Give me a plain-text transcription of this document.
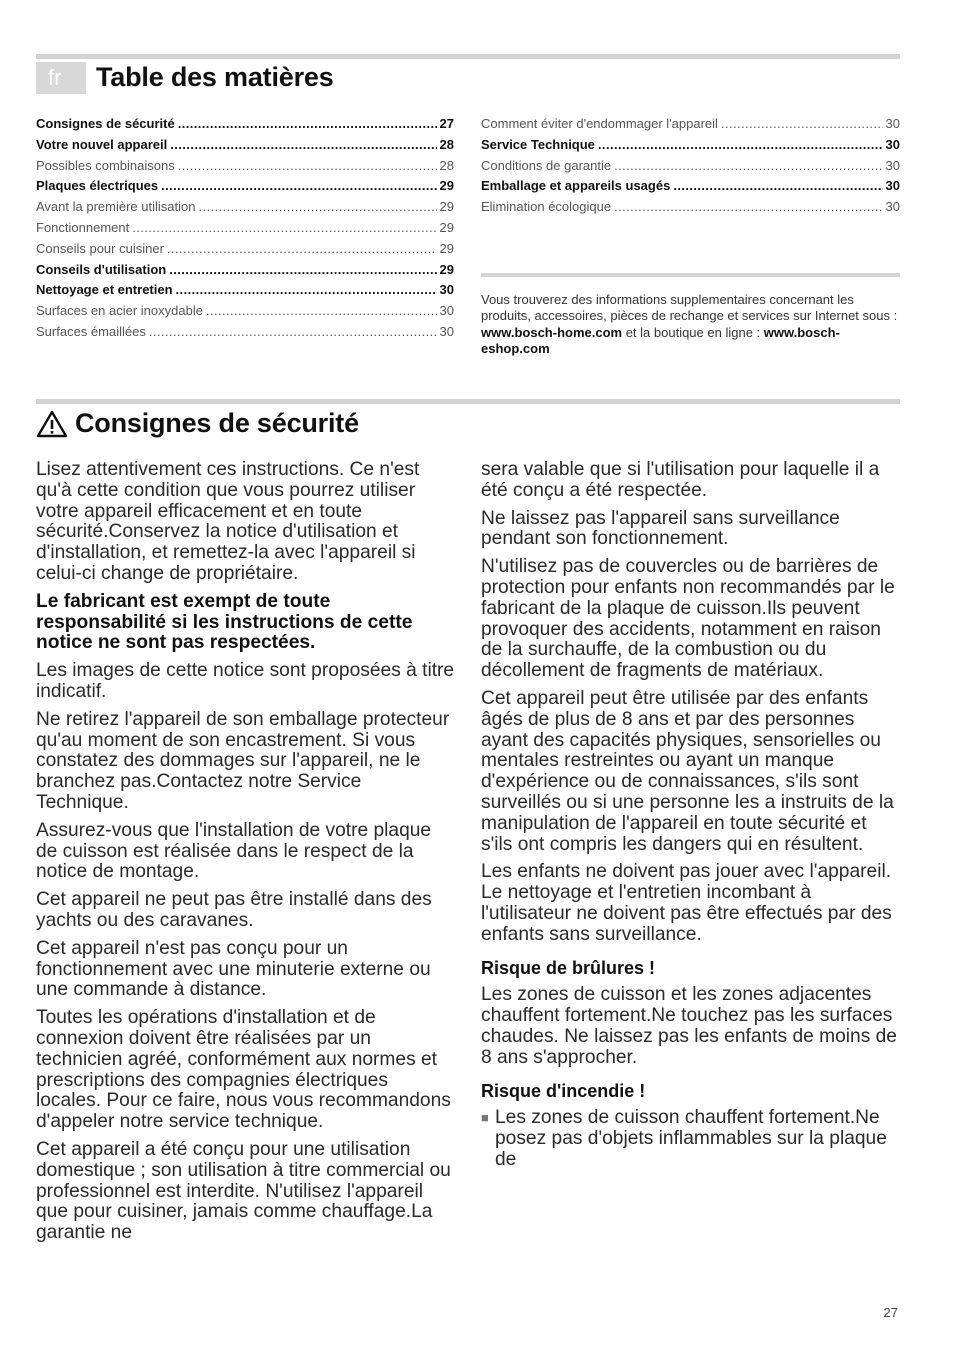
fr	Table des matières
Consignes de sécurité .....	27
Votre nouvel appareil .....	28
Possibles combinaisons .....	28
Plaques électriques .....	29
Avant la première utilisation .....	29
Fonctionnement .....	29
Conseils pour cuisiner .....	29
Conseils d'utilisation .....	29
Nettoyage et entretien .....	30
Surfaces en acier inoxydable .....	30
Surfaces émaillées .....	30
Comment éviter d'endommager l'appareil .....	30
Service Technique .....	30
Conditions de garantie .....	30
Emballage et appareils usagés .....	30
Elimination écologique .....	30
Vous trouverez des informations supplementaires concernant les produits, accessoires, pièces de rechange et services sur Internet sous : www.bosch-home.com et la boutique en ligne : www.bosch-eshop.com
Consignes de sécurité

Lisez attentivement ces instructions. Ce n'est qu'à cette condition que vous pourrez utiliser votre appareil efficacement et en toute sécurité.Conservez la notice d'utilisation et d'installation, et remettez-la avec l'appareil si celui-ci change de propriétaire.

Le fabricant est exempt de toute responsabilité si les instructions de cette notice ne sont pas respectées.

Les images de cette notice sont proposées à titre indicatif.

Ne retirez l'appareil de son emballage protecteur qu'au moment de son encastrement. Si vous constatez des dommages sur l'appareil, ne le branchez pas.Contactez notre Service Technique.

Assurez-vous que l'installation de votre plaque de cuisson est réalisée dans le respect de la notice de montage.

Cet appareil ne peut pas être installé dans des yachts ou des caravanes.

Cet appareil n'est pas conçu pour un fonctionnement avec une minuterie externe ou une commande à distance.

Toutes les opérations d'installation et de connexion doivent être réalisées par un technicien agréé, conformément aux normes et prescriptions des compagnies électriques locales. Pour ce faire, nous vous recommandons d'appeler notre service technique.

Cet appareil a été conçu pour une utilisation domestique ; son utilisation à titre commercial ou professionnel est interdite. N'utilisez l'appareil que pour cuisiner, jamais comme chauffage.La garantie ne

sera valable que si l'utilisation pour laquelle il a été conçu a été respectée.

Ne laissez pas l'appareil sans surveillance pendant son fonctionnement.

N'utilisez pas de couvercles ou de barrières de protection pour enfants non recommandés par le fabricant de la plaque de cuisson.Ils peuvent provoquer des accidents, notamment en raison de la surchauffe, de la combustion ou du décollement de fragments de matériaux.

Cet appareil peut être utilisée par des enfants âgés de plus de 8 ans et par des personnes ayant des capacités physiques, sensorielles ou mentales restreintes ou ayant un manque d'expérience ou de connaissances, s'ils sont surveillés ou si une personne les a instruits de la manipulation de l'appareil en toute sécurité et s'ils ont compris les dangers qui en résultent.

Les enfants ne doivent pas jouer avec l'appareil. Le nettoyage et l'entretien incombant à l'utilisateur ne doivent pas être effectués par des enfants sans surveillance.

Risque de brûlures !

Les zones de cuisson et les zones adjacentes chauffent fortement.Ne touchez pas les surfaces chaudes. Ne laissez pas les enfants de moins de 8 ans s'approcher.

Risque d'incendie !

■ Les zones de cuisson chauffent fortement.Ne posez pas d'objets inflammables sur la plaque de
27
